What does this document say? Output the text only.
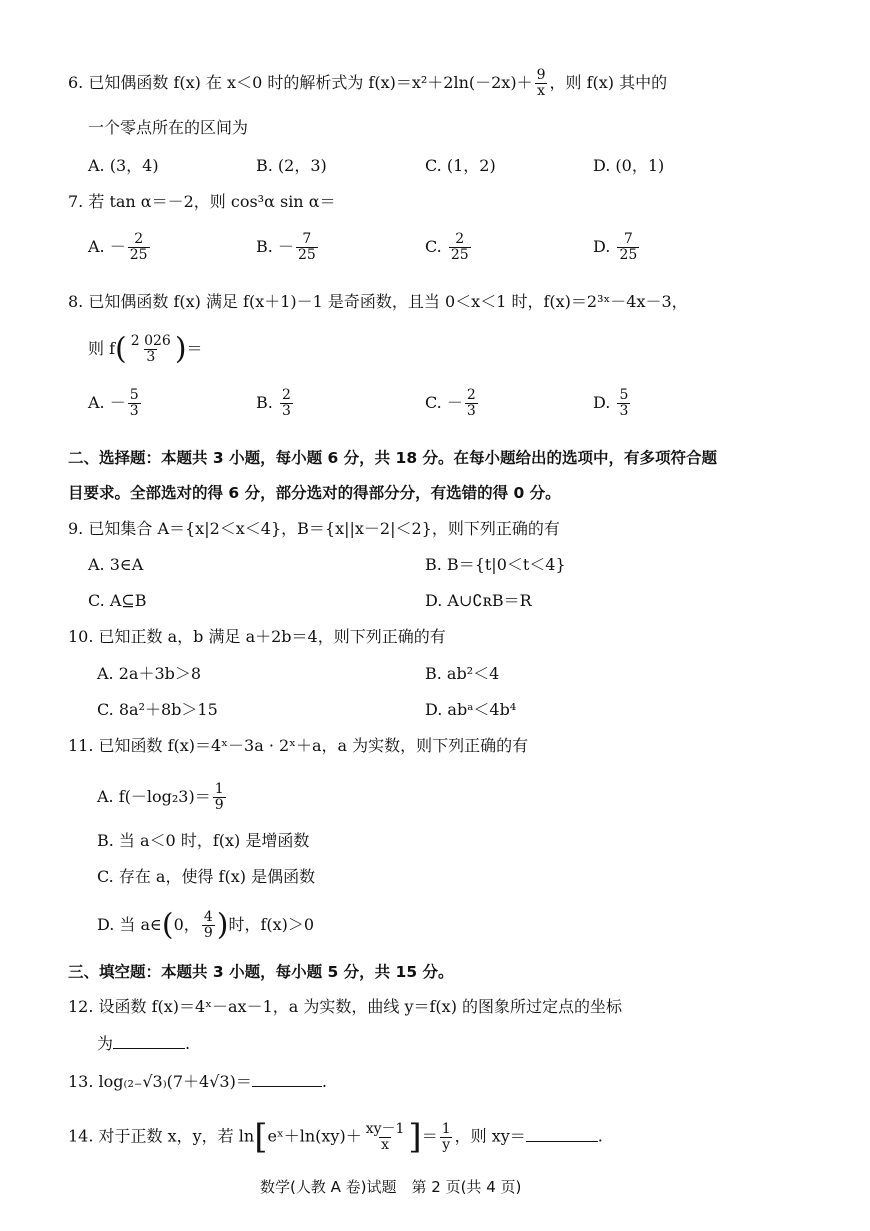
6. 已知偶函数 f(x) 在 x＜0 时的解析式为 $f(x)=x^2+2\ln(-2x)+ \frac{9}{x}$ ，则 f(x) 其中的
一个零点所在的区间为
A. (3，4)	B. (2，3)	C. (1，2)	D. (0，1)
7. 若 tan α＝－2，则 cos³α sin α＝
A. － $\frac{2}{25}$	B. － $\frac{7}{25}$	C. $\frac{2}{25}$	D. $\frac{7}{25}$
8. 已知偶函数 f(x) 满足 f(x＋1)－1 是奇函数，且当 0＜x＜1 时，f(x)＝2³ˣ－4x－3，
则 $f( \frac{2 026}{3}$ )＝
A. － $\frac{5}{3}$	B. $\frac{2}{3}$	C. － $\frac{2}{3}$	D. $\frac{5}{3}$
二、选择题：本题共 3 小题，每小题 6 分，共 18 分。在每小题给出的选项中，有多项符合题
目要求。全部选对的得 6 分，部分选对的得部分分，有选错的得 0 分。
9. 已知集合 A＝{x|2＜x＜4}，B＝{x||x－2|＜2}，则下列正确的有
A. 3∈A	B. B＝{t|0＜t＜4}
C. A⊆B	D. A∪∁ʀB＝R
10. 已知正数 a，b 满足 a＋2b＝4，则下列正确的有
A. 2a＋3b＞8	B. ab²＜4
C. 8a²＋8b＞15	D. abᵃ＜4b⁴
11. 已知函数 f(x)＝4ˣ－3a · 2ˣ＋a，a 为实数，则下列正确的有
A. $f(-\log_23)= \frac{1}{9}$
B. 当 a＜0 时，f(x) 是增函数
C. 存在 a，使得 f(x) 是偶函数
D. 当 a∈(0， $\frac{4}{9}$ )时，f(x)＞0
三、填空题：本题共 3 小题，每小题 5 分，共 15 分。
12. 设函数 f(x)＝4ˣ－ax－1，a 为实数，曲线 y＝f(x) 的图象所过定点的坐标
为	.
13. log₍₂₋√3₎(7＋4√3)＝	.
14. 对于正数 x，y，若 ln[eˣ＋ln(xy)＋ $\frac{xy-1}{x}$ ]＝ $\frac{1}{y}$ ，则 xy＝	.
数学(人教 A 卷)试题　第 2 页(共 4 页)
